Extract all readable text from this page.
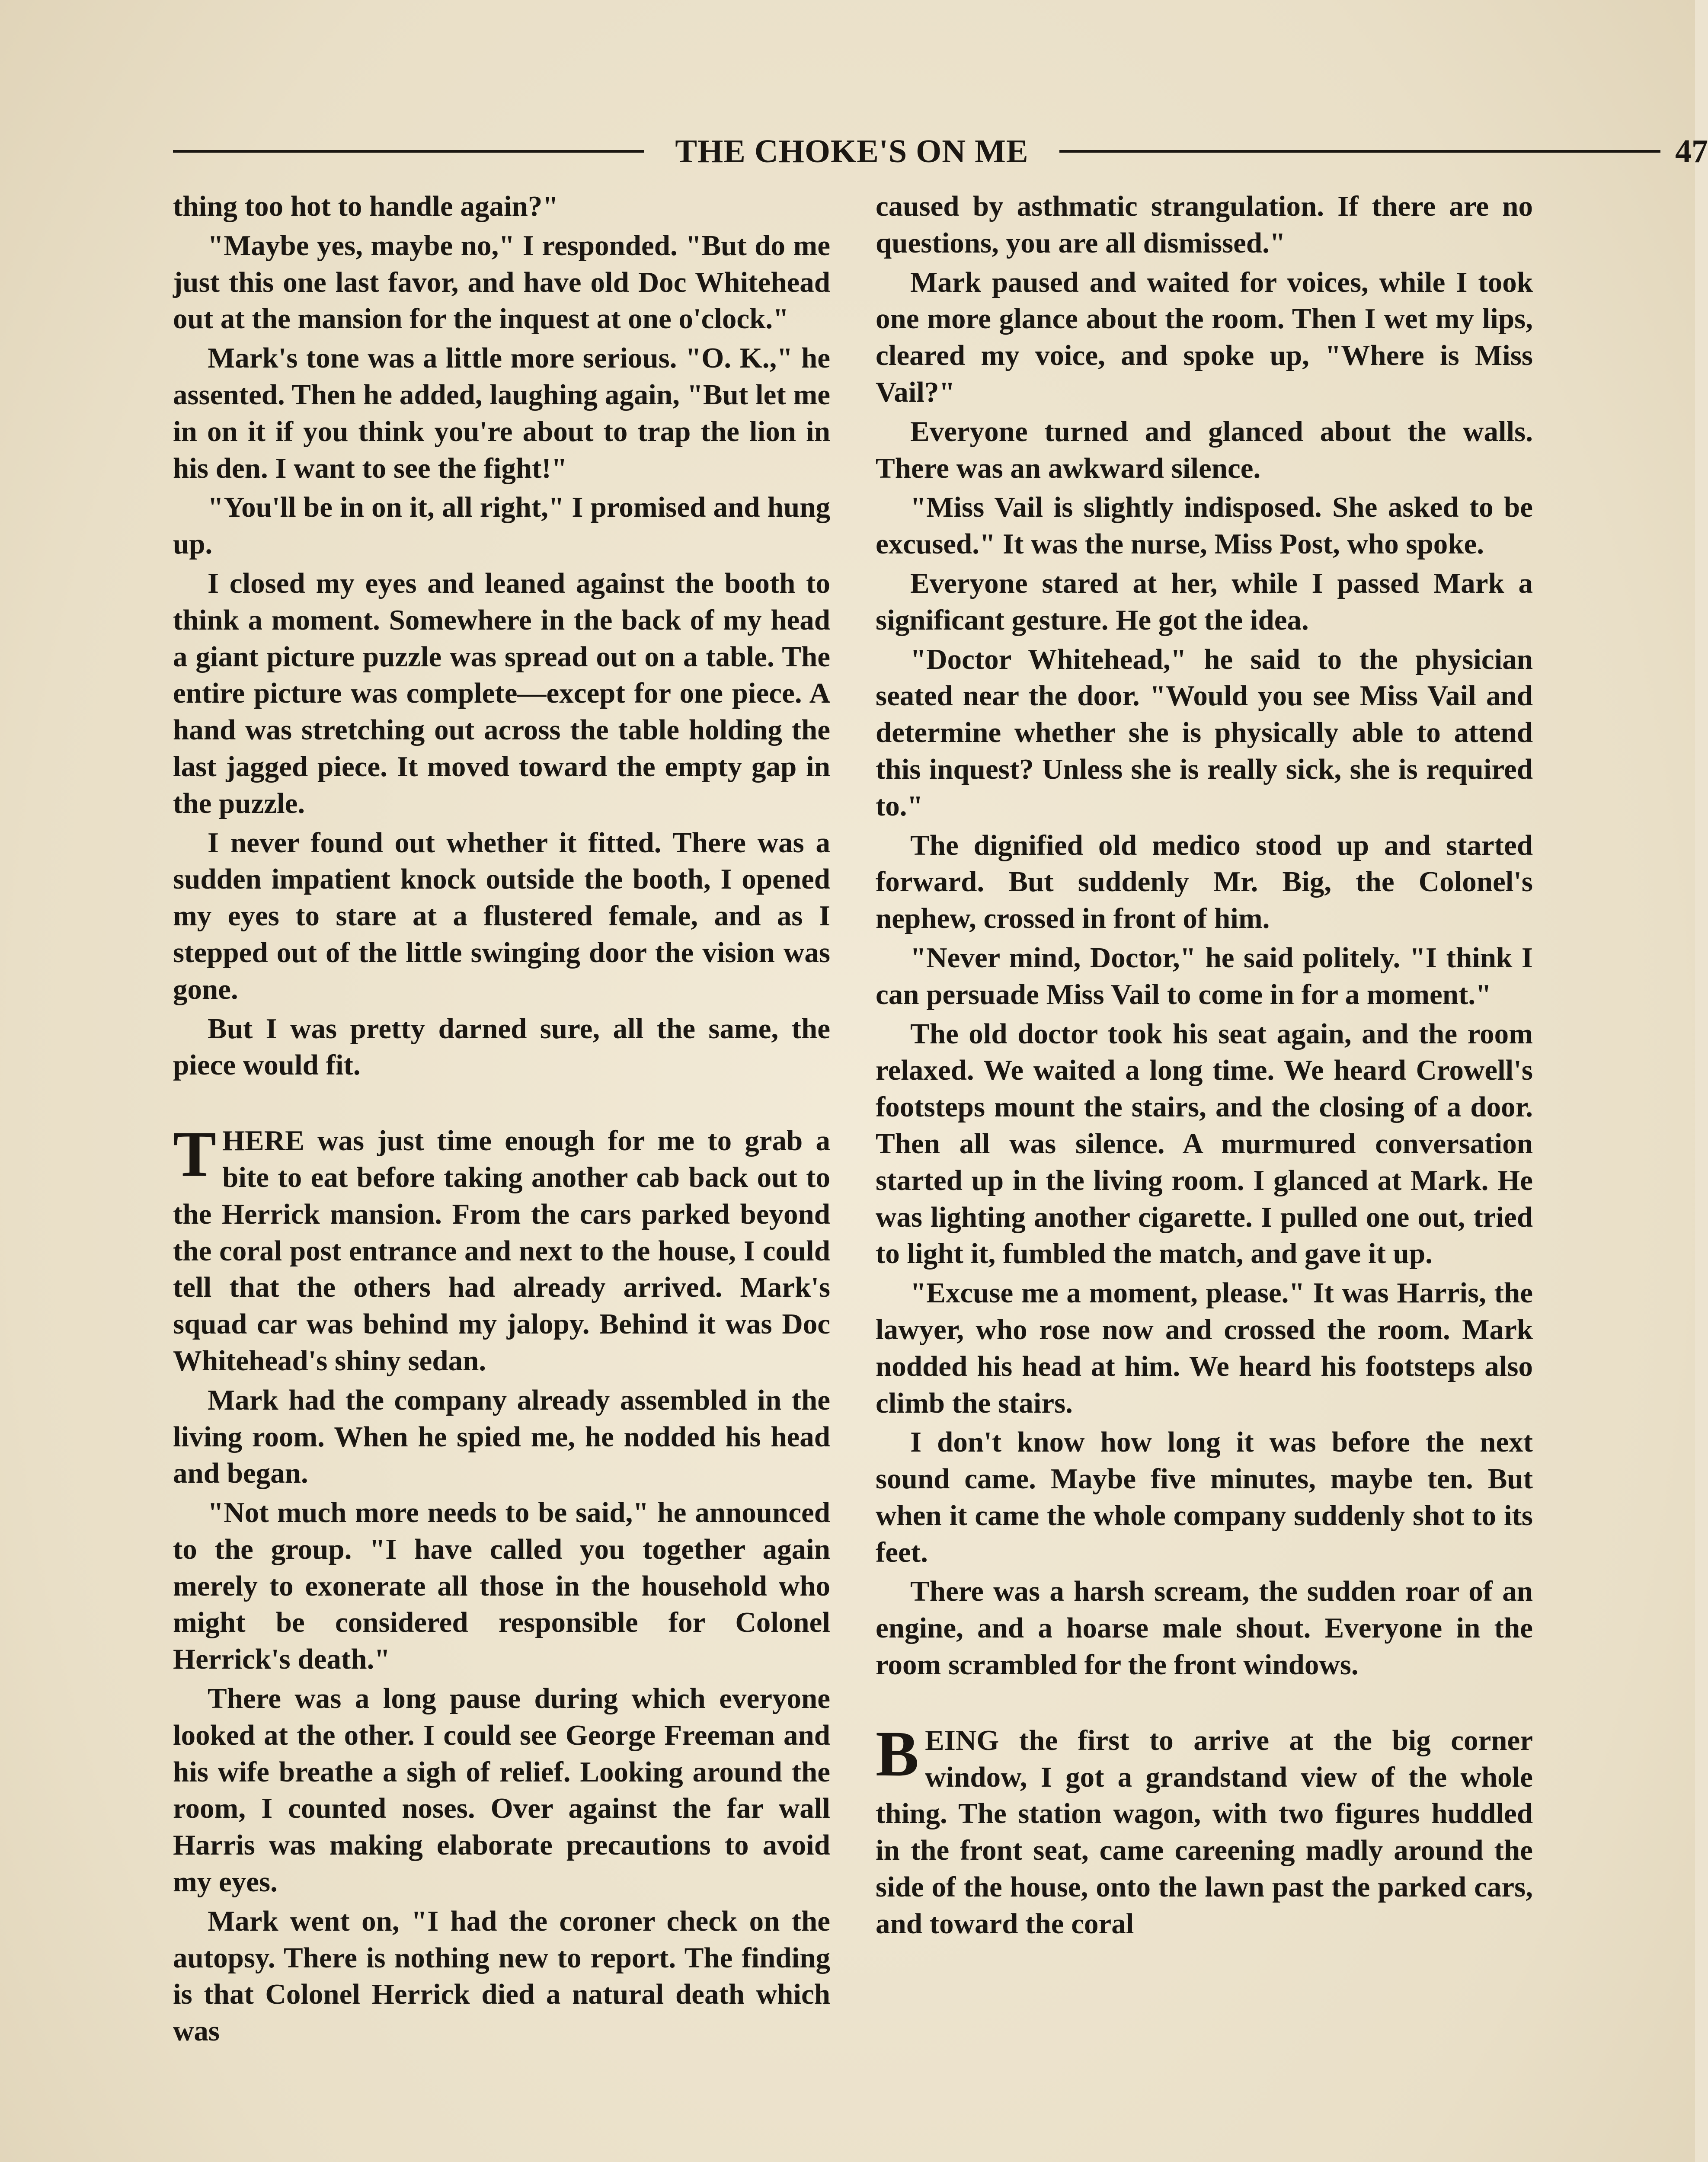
THE CHOKE'S ON ME	47

thing too hot to handle again?"

"Maybe yes, maybe no," I responded. "But do me just this one last favor, and have old Doc Whitehead out at the mansion for the inquest at one o'clock."

Mark's tone was a little more serious. "O. K.," he assented. Then he added, laughing again, "But let me in on it if you think you're about to trap the lion in his den. I want to see the fight!"

"You'll be in on it, all right," I promised and hung up.

I closed my eyes and leaned against the booth to think a moment. Somewhere in the back of my head a giant picture puzzle was spread out on a table. The entire picture was complete—except for one piece. A hand was stretching out across the table holding the last jagged piece. It moved toward the empty gap in the puzzle.

I never found out whether it fitted. There was a sudden impatient knock outside the booth, I opened my eyes to stare at a flustered female, and as I stepped out of the little swinging door the vision was gone.

But I was pretty darned sure, all the same, the piece would fit.

THERE was just time enough for me to grab a bite to eat before taking another cab back out to the Herrick mansion. From the cars parked beyond the coral post entrance and next to the house, I could tell that the others had already arrived. Mark's squad car was behind my jalopy. Behind it was Doc Whitehead's shiny sedan.

Mark had the company already assembled in the living room. When he spied me, he nodded his head and began.

"Not much more needs to be said," he announced to the group. "I have called you together again merely to exonerate all those in the household who might be considered responsible for Colonel Herrick's death."

There was a long pause during which everyone looked at the other. I could see George Freeman and his wife breathe a sigh of relief. Looking around the room, I counted noses. Over against the far wall Harris was making elaborate precautions to avoid my eyes.

Mark went on, "I had the coroner check on the autopsy. There is nothing new to report. The finding is that Colonel Herrick died a natural death which was

caused by asthmatic strangulation. If there are no questions, you are all dismissed."

Mark paused and waited for voices, while I took one more glance about the room. Then I wet my lips, cleared my voice, and spoke up, "Where is Miss Vail?"

Everyone turned and glanced about the walls. There was an awkward silence.

"Miss Vail is slightly indisposed. She asked to be excused." It was the nurse, Miss Post, who spoke.

Everyone stared at her, while I passed Mark a significant gesture. He got the idea.

"Doctor Whitehead," he said to the physician seated near the door. "Would you see Miss Vail and determine whether she is physically able to attend this inquest? Unless she is really sick, she is required to."

The dignified old medico stood up and started forward. But suddenly Mr. Big, the Colonel's nephew, crossed in front of him.

"Never mind, Doctor," he said politely. "I think I can persuade Miss Vail to come in for a moment."

The old doctor took his seat again, and the room relaxed. We waited a long time. We heard Crowell's footsteps mount the stairs, and the closing of a door. Then all was silence. A murmured conversation started up in the living room. I glanced at Mark. He was lighting another cigarette. I pulled one out, tried to light it, fumbled the match, and gave it up.

"Excuse me a moment, please." It was Harris, the lawyer, who rose now and crossed the room. Mark nodded his head at him. We heard his footsteps also climb the stairs.

I don't know how long it was before the next sound came. Maybe five minutes, maybe ten. But when it came the whole company suddenly shot to its feet.

There was a harsh scream, the sudden roar of an engine, and a hoarse male shout. Everyone in the room scrambled for the front windows.

BEING the first to arrive at the big corner window, I got a grandstand view of the whole thing. The station wagon, with two figures huddled in the front seat, came careening madly around the side of the house, onto the lawn past the parked cars, and toward the coral
